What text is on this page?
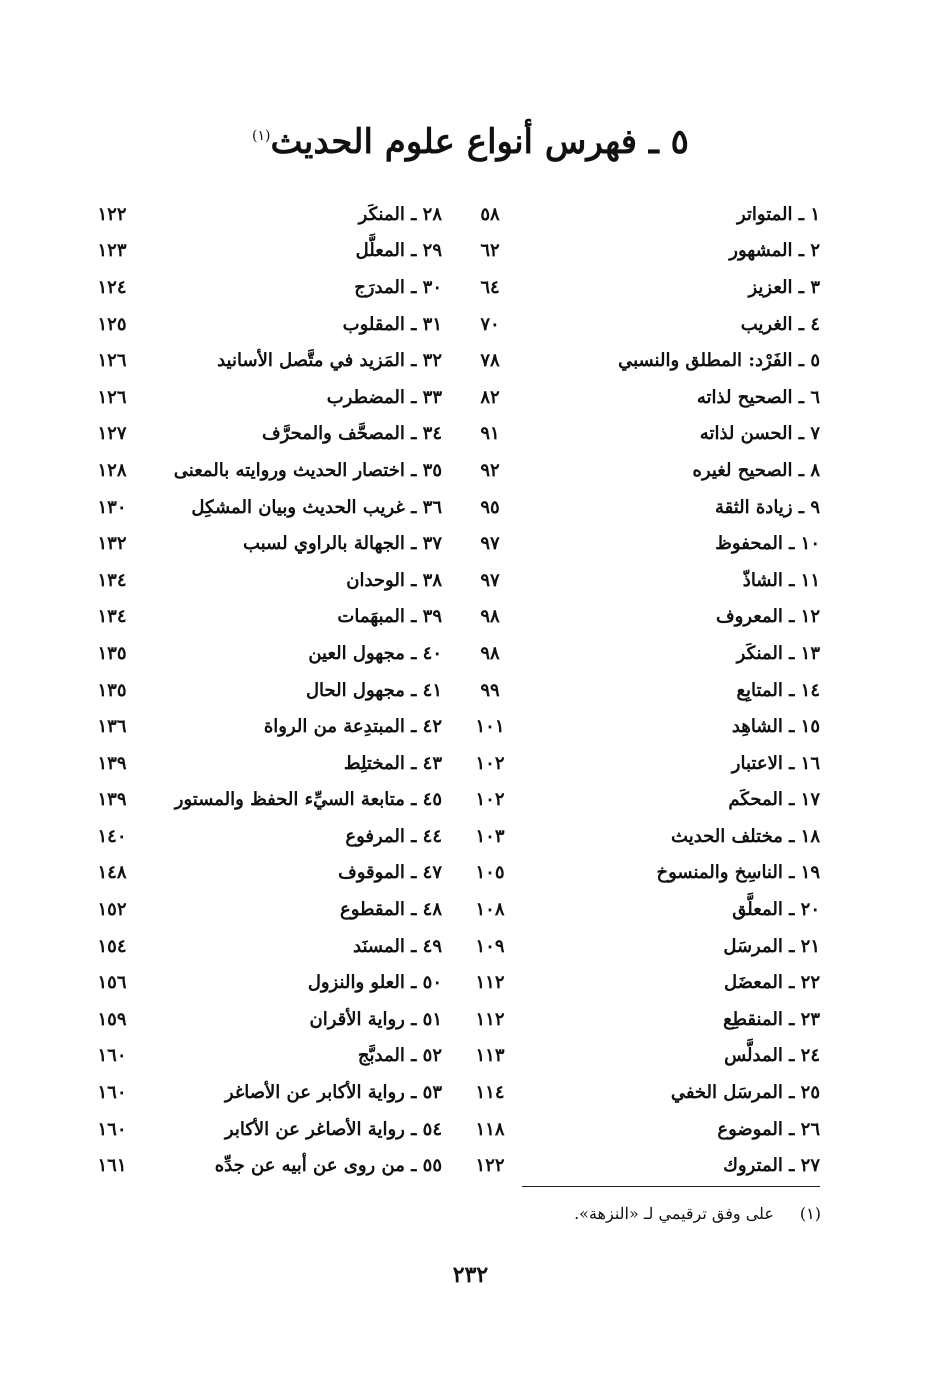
٥ ـ فهرس أنواع علوم الحديث$^{(١)}$
١ ـ المتواتر
٥٨
٢ ـ المشهور
٦٢
٣ ـ العزيز
٦٤
٤ ـ الغريب
٧٠
٥ ـ الفَرْد: المطلق والنسبي
٧٨
٦ ـ الصحيح لذاته
٨٢
٧ ـ الحسن لذاته
٩١
٨ ـ الصحيح لغيره
٩٢
٩ ـ زيادة الثقة
٩٥
١٠ ـ المحفوظ
٩٧
١١ ـ الشاذّ
٩٧
١٢ ـ المعروف
٩٨
١٣ ـ المنكَر
٩٨
١٤ ـ المتابِع
٩٩
١٥ ـ الشاهِد
١٠١
١٦ ـ الاعتبار
١٠٢
١٧ ـ المحكَم
١٠٢
١٨ ـ مختلف الحديث
١٠٣
١٩ ـ الناسِخ والمنسوخ
١٠٥
٢٠ ـ المعلَّق
١٠٨
٢١ ـ المرسَل
١٠٩
٢٢ ـ المعضَل
١١٢
٢٣ ـ المنقطِع
١١٢
٢٤ ـ المدلَّس
١١٣
٢٥ ـ المرسَل الخفي
١١٤
٢٦ ـ الموضوع
١١٨
٢٧ ـ المتروك
١٢٢
٢٨ ـ المنكَر
١٢٢
٢٩ ـ المعلَّل
١٢٣
٣٠ ـ المدرَج
١٢٤
٣١ ـ المقلوب
١٢٥
٣٢ ـ المَزيد في متَّصل الأسانيد
١٢٦
٣٣ ـ المضطرب
١٢٦
٣٤ ـ المصحَّف والمحرَّف
١٢٧
٣٥ ـ اختصار الحديث وروايته بالمعنى
١٢٨
٣٦ ـ غريب الحديث وبيان المشكِل
١٣٠
٣٧ ـ الجهالة بالراوي لسبب
١٣٢
٣٨ ـ الوحدان
١٣٤
٣٩ ـ المبهَمات
١٣٤
٤٠ ـ مجهول العين
١٣٥
٤١ ـ مجهول الحال
١٣٥
٤٢ ـ المبتدِعة من الرواة
١٣٦
٤٣ ـ المختلِط
١٣٩
٤٥ ـ متابعة السيِّء الحفظ والمستور
١٣٩
٤٤ ـ المرفوع
١٤٠
٤٧ ـ الموقوف
١٤٨
٤٨ ـ المقطوع
١٥٢
٤٩ ـ المسنَد
١٥٤
٥٠ ـ العلو والنزول
١٥٦
٥١ ـ رواية الأقران
١٥٩
٥٢ ـ المدبَّج
١٦٠
٥٣ ـ رواية الأكابر عن الأصاغر
١٦٠
٥٤ ـ رواية الأصاغر عن الأكابر
١٦٠
٥٥ ـ من روى عن أبيه عن جدِّه
١٦١
(١)
على وفق ترقيمي لـ «النزهة».
٢٣٢
